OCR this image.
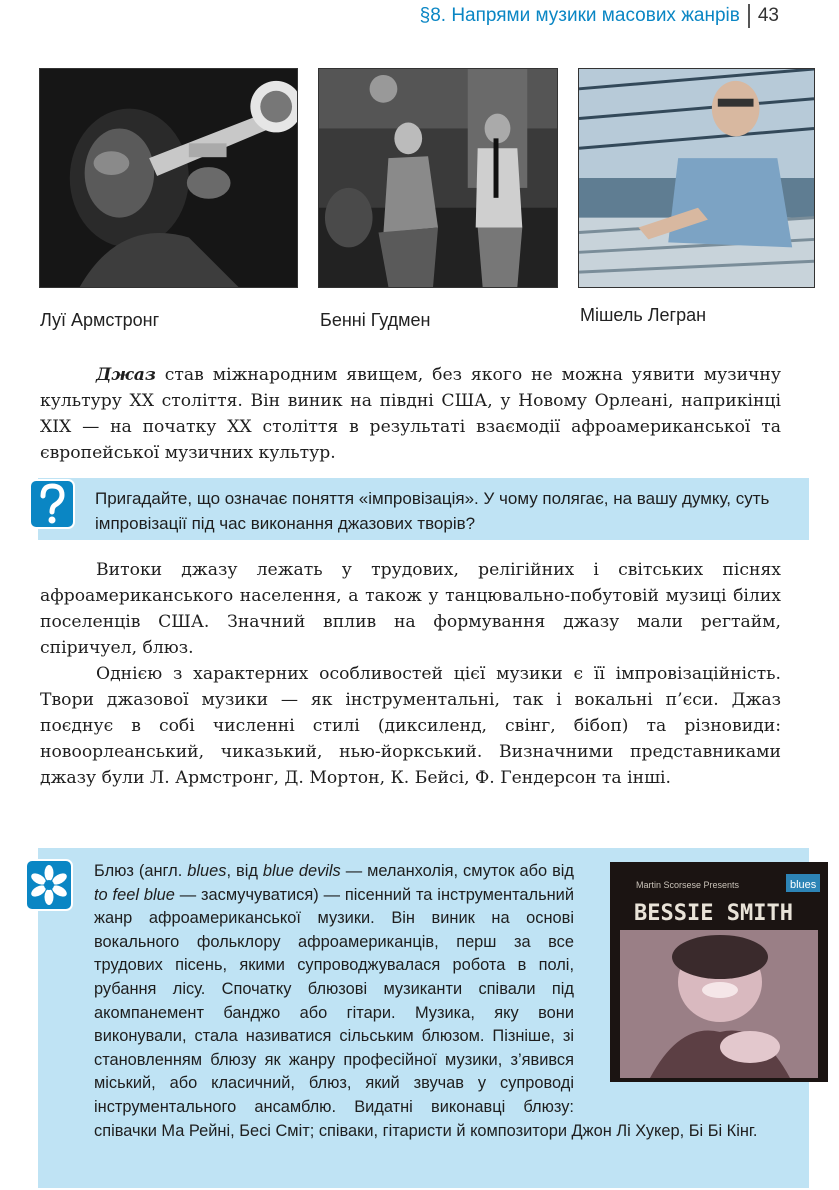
§8. Напрями музики масових жанрів 43
Луї Армстронг	Бенні Гудмен	Мішель Легран

Джаз став міжнародним явищем, без якого не можна уявити музичну культуру XX століття. Він виник на півдні США, у Новому Орлеані, наприкінці XIX — на початку XX століття в результаті взаємодії афроамериканської та європейської музичних культур.

Пригадайте, що означає поняття «імпровізація». У чому полягає, на вашу думку, суть імпровізації під час виконання джазових творів?

Витоки джазу лежать у трудових, релігійних і світських піснях афроамериканського населення, а також у танцювально-побутовій музиці білих поселенців США. Значний вплив на формування джазу мали регтайм, спіричуел, блюз.

Однією з характерних особливостей цієї музики є її імпровізаційність. Твори джазової музики — як інструментальні, так і вокальні п’єси. Джаз поєднує в собі численні стилі (диксиленд, свінг, бібоп) та різновиди: новоорлеанський, чиказький, нью-йоркський. Визначними представниками джазу були Л. Армстронг, Д. Мортон, К. Бейсі, Ф. Гендерсон та інші.

Блюз (англ. blues, від blue devils — меланхолія, смуток або від to feel blue — засмучуватися) — пісенний та інструментальний жанр афроамериканської музики. Він виник на основі вокального фольклору афроамериканців, перш за все трудових пісень, якими супроводжувалася робота в полі, рубання лісу. Спочатку блюзові музиканти співали під акомпанемент банджо або гітари. Музика, яку вони виконували, стала називатися сільським блюзом. Пізніше, зі становленням блюзу як жанру професійної музики, з’явився міський, або класичний, блюз, який звучав у супроводі інструментального ансамблю. Видатні виконавці блюзу: співачки Ма Рейні, Бесі Сміт; співаки, гітаристи й композитори Джон Лі Хукер, Бі Бі Кінг.

Martin Scorsese Presents	blues
BESSIE SMITH
